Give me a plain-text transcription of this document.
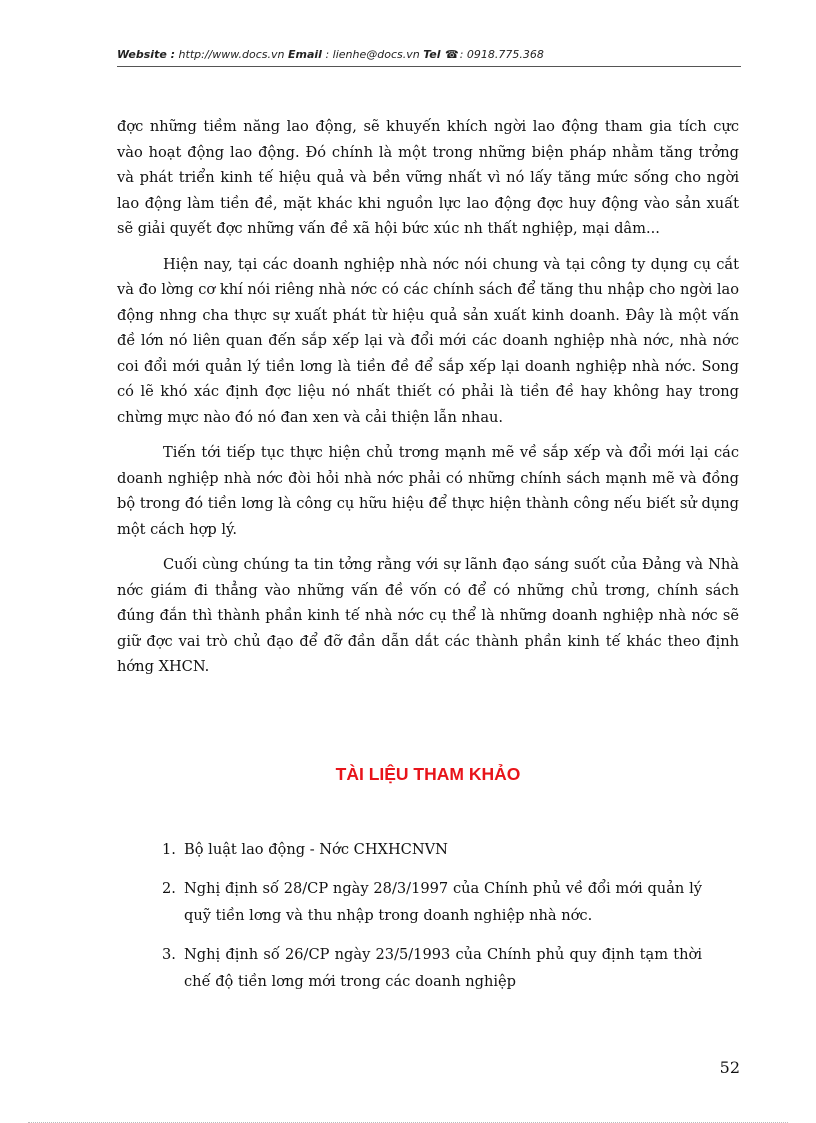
Website : http://www.docs.vn Email : lienhe@docs.vn Tel ☎: 0918.775.368

đợc những tiềm năng lao động, sẽ khuyến khích ngời lao động tham gia tích cực vào hoạt động lao động. Đó chính là một trong những biện pháp nhằm tăng trởng và phát triển kinh tế hiệu quả và bền vững nhất vì nó lấy tăng mức sống cho ngời lao động làm tiền đề, mặt khác khi nguồn lực lao động đợc huy động vào sản xuất sẽ giải quyết đợc những vấn đề xã hội bức xúc nh thất nghiệp, mại dâm...

Hiện nay, tại các doanh nghiệp nhà nớc nói chung và tại công ty dụng cụ cắt và đo lờng cơ khí nói riêng nhà nớc có các chính sách để tăng thu nhập cho ngời lao động nhng cha thực sự xuất phát từ hiệu quả sản xuất kinh doanh. Đây là một vấn đề lớn nó liên quan đến sắp xếp lại và đổi mới các doanh nghiệp nhà nớc, nhà nớc coi đổi mới quản lý tiền lơng là tiền đề để sắp xếp lại doanh nghiệp nhà nớc. Song có lẽ khó xác định đợc liệu nó nhất thiết có phải là tiền đề hay không hay trong chừng mực nào đó nó đan xen và cải thiện lẫn nhau.

Tiến tới tiếp tục thực hiện chủ trơng mạnh mẽ về sắp xếp và đổi mới lại các doanh nghiệp nhà nớc đòi hỏi nhà nớc phải có những chính sách mạnh mẽ và đồng bộ trong đó tiền lơng là công cụ hữu hiệu để thực hiện thành công nếu biết sử dụng một cách hợp lý.

Cuối cùng chúng ta tin tởng rằng với sự lãnh đạo sáng suốt của Đảng và Nhà nớc giám đi thẳng vào những vấn đề vốn có để có những chủ trơng, chính sách đúng đắn thì thành phần kinh tế nhà nớc cụ thể là những doanh nghiệp nhà nớc sẽ giữ đợc vai trò chủ đạo để đỡ đần dẫn dắt các thành phần kinh tế khác theo định hớng XHCN.

TÀI LIỆU THAM KHẢO
1. Bộ luật lao động - Nớc CHXHCNVN
2. Nghị định số 28/CP ngày 28/3/1997 của Chính phủ về đổi mới quản lý quỹ tiền lơng và thu nhập trong doanh nghiệp nhà nớc.
3. Nghị định số 26/CP ngày 23/5/1993 của Chính phủ quy định tạm thời chế độ tiền lơng mới trong các doanh nghiệp
52
